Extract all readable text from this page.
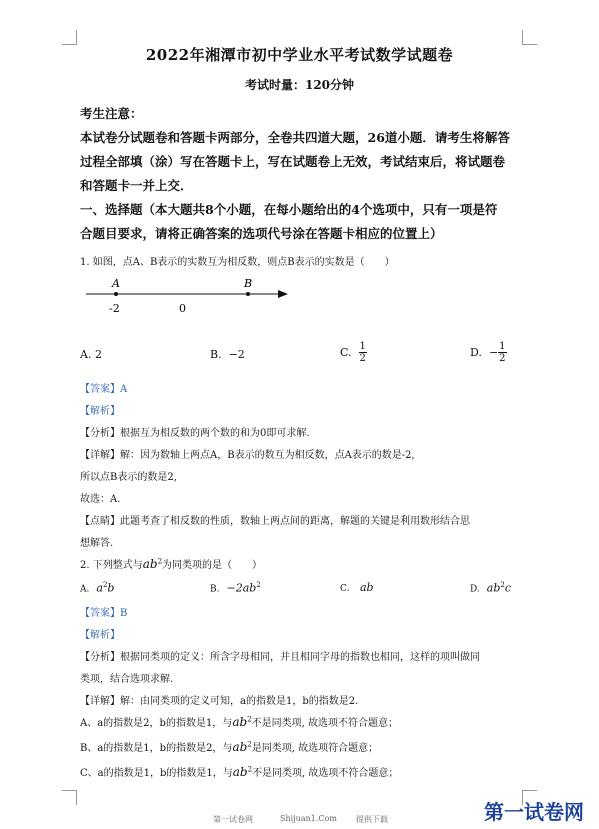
2022年湘潭市初中学业水平考试数学试题卷
考试时量：120分钟
考生注意：
本试卷分试题卷和答题卡两部分，全卷共四道大题，26道小题．请考生将解答
过程全部填（涂）写在答题卡上，写在试题卷上无效，考试结束后，将试题卷
和答题卡一并上交．
一、选择题（本大题共8个小题，在每小题给出的4个选项中，只有一项是符
合题目要求，请将正确答案的选项代号涂在答题卡相应的位置上）
1. 如图，点A、B表示的实数互为相反数，则点B表示的实数是（　　）
A	B
-2	0
A. 2	B. −2	C. $\frac{1}{2}$	D. − $\frac{1}{2}$
【答案】A
【解析】
【分析】根据互为相反数的两个数的和为0即可求解.
【详解】解：因为数轴上两点A，B表示的数互为相反数，点A表示的数是-2,
所以点B表示的数是2,
故选：A.
【点睛】此题考查了相反数的性质，数轴上两点间的距离，解题的关键是利用数形结合思
想解答.
2. 下列整式与$ab^2$为同类项的是（　　）
A. $a^2b$	B. $-2ab^2$	C. ab	D. $ab^2c$
【答案】B
【解析】
【分析】根据同类项的定义：所含字母相同，并且相同字母的指数也相同，这样的项叫做同
类项，结合选项求解.
【详解】解：由同类项的定义可知，a的指数是1，b的指数是2.
A、a的指数是2，b的指数是1，与$ab^2$不是同类项, 故选项不符合题意；
B、a的指数是1，b的指数是2，与$ab^2$是同类项, 故选项符合题意；
C、a的指数是1，b的指数是1，与$ab^2$不是同类项, 故选项不符合题意；
第一试卷网	Shijuan1.Com 提供下载	第一试卷网
